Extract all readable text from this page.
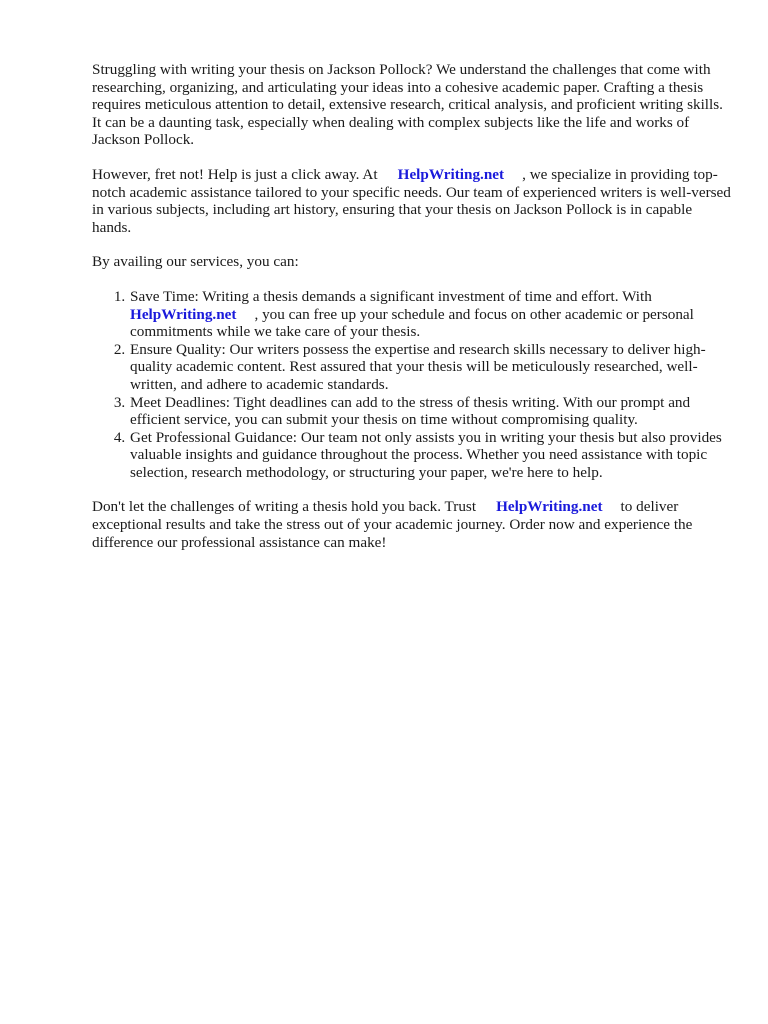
Struggling with writing your thesis on Jackson Pollock? We understand the challenges that come with researching, organizing, and articulating your ideas into a cohesive academic paper. Crafting a thesis requires meticulous attention to detail, extensive research, critical analysis, and proficient writing skills. It can be a daunting task, especially when dealing with complex subjects like the life and works of Jackson Pollock.

However, fret not! Help is just a click away. At HelpWriting.net , we specialize in providing top-notch academic assistance tailored to your specific needs. Our team of experienced writers is well-versed in various subjects, including art history, ensuring that your thesis on Jackson Pollock is in capable hands.

By availing our services, you can:

1. Save Time: Writing a thesis demands a significant investment of time and effort. With
HelpWriting.net , you can free up your schedule and focus on other academic or personal commitments while we take care of your thesis.
2. Ensure Quality: Our writers possess the expertise and research skills necessary to deliver high-quality academic content. Rest assured that your thesis will be meticulously researched, well-written, and adhere to academic standards.
3. Meet Deadlines: Tight deadlines can add to the stress of thesis writing. With our prompt and efficient service, you can submit your thesis on time without compromising quality.
4. Get Professional Guidance: Our team not only assists you in writing your thesis but also provides valuable insights and guidance throughout the process. Whether you need assistance with topic selection, research methodology, or structuring your paper, we're here to help.

Don't let the challenges of writing a thesis hold you back. Trust HelpWriting.net to deliver exceptional results and take the stress out of your academic journey. Order now and experience the difference our professional assistance can make!
